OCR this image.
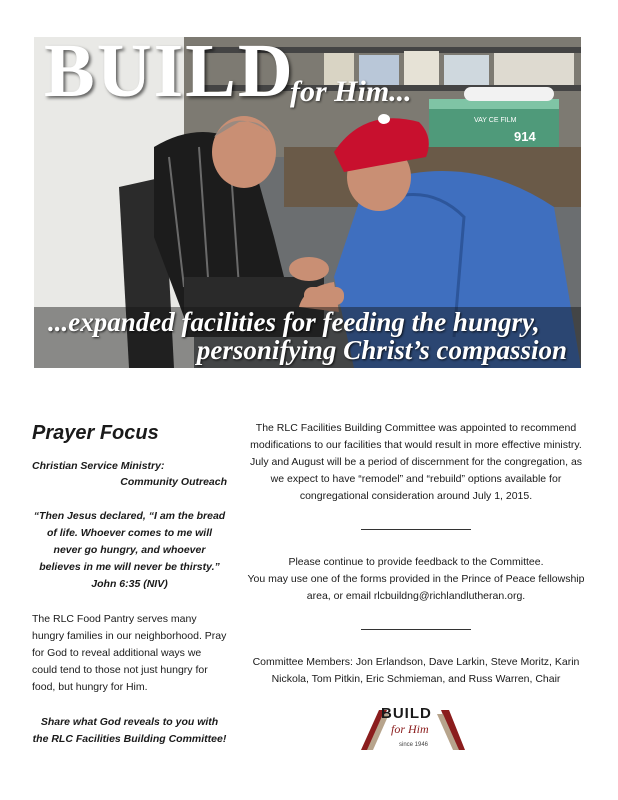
VAY CE FILM
914
BUILD
for Him...
...expanded facilities for feeding the hungry,
personifying Christ’s compassion
Prayer Focus
Christian Service Ministry:
Community Outreach
“Then Jesus declared, “I am the bread of life. Whoever comes to me will never go hungry, and whoever believes in me will never be thirsty.” John 6:35 (NIV)
The RLC Food Pantry serves many hungry families in our neighborhood. Pray for God to reveal additional ways we could tend to those not just hungry for food, but hungry for Him.
Share what God reveals to you with the RLC Facilities Building Committee!

The RLC Facilities Building Committee was appointed to recommend modifications to our facilities that would result in more effective ministry. July and August will be a period of discernment for the congregation, as we expect to have “remodel” and “rebuild” options available for congregational consideration around July 1, 2015.

Please continue to provide feedback to the Committee.

You may use one of the forms provided in the Prince of Peace fellowship area, or email rlcbuildng@richlandlutheran.org.

Committee Members: Jon Erlandson, Dave Larkin, Steve Moritz, Karin Nickola, Tom Pitkin, Eric Schmieman, and Russ Warren, Chair

BUILD
for Him
since 1946
